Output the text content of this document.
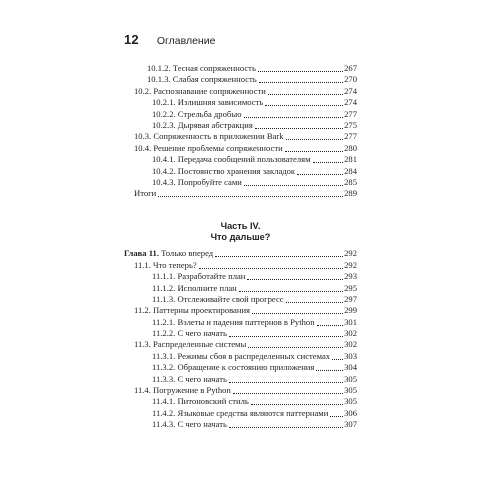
12 Оглавление
10.1.2. Тесная сопряженность	267
10.1.3. Слабая сопряженность	270
10.2. Распознавание сопряженности	274
10.2.1. Излишняя зависимость	274
10.2.2. Стрельба дробью	277
10.2.3. Дырявая абстракция	275
10.3. Сопряженность в приложении Bark	277
10.4. Решение проблемы сопряженности	280
10.4.1. Передача сообщений пользователям	281
10.4.2. Постоянство хранения закладок	284
10.4.3. Попробуйте сами	285
Итоги	289
Часть IV.
Что дальше?
Глава 11. Только вперед	292
11.1. Что теперь?	292
11.1.1. Разработайте план	293
11.1.2. Исполните план	295
11.1.3. Отслеживайте свой прогресс	297
11.2. Паттерны проектирования	299
11.2.1. Взлеты и падения паттернов в Python	301
11.2.2. С чего начать	302
11.3. Распределенные системы	302
11.3.1. Режимы сбоя в распределенных системах 303
11.3.2. Обращение к состоянию приложения	304
11.3.3. С чего начать	305
11.4. Погружение в Python	305
11.4.1. Питоновский стиль	305
11.4.2. Языковые средства являются паттернами 306
11.4.3. С чего начать	307
